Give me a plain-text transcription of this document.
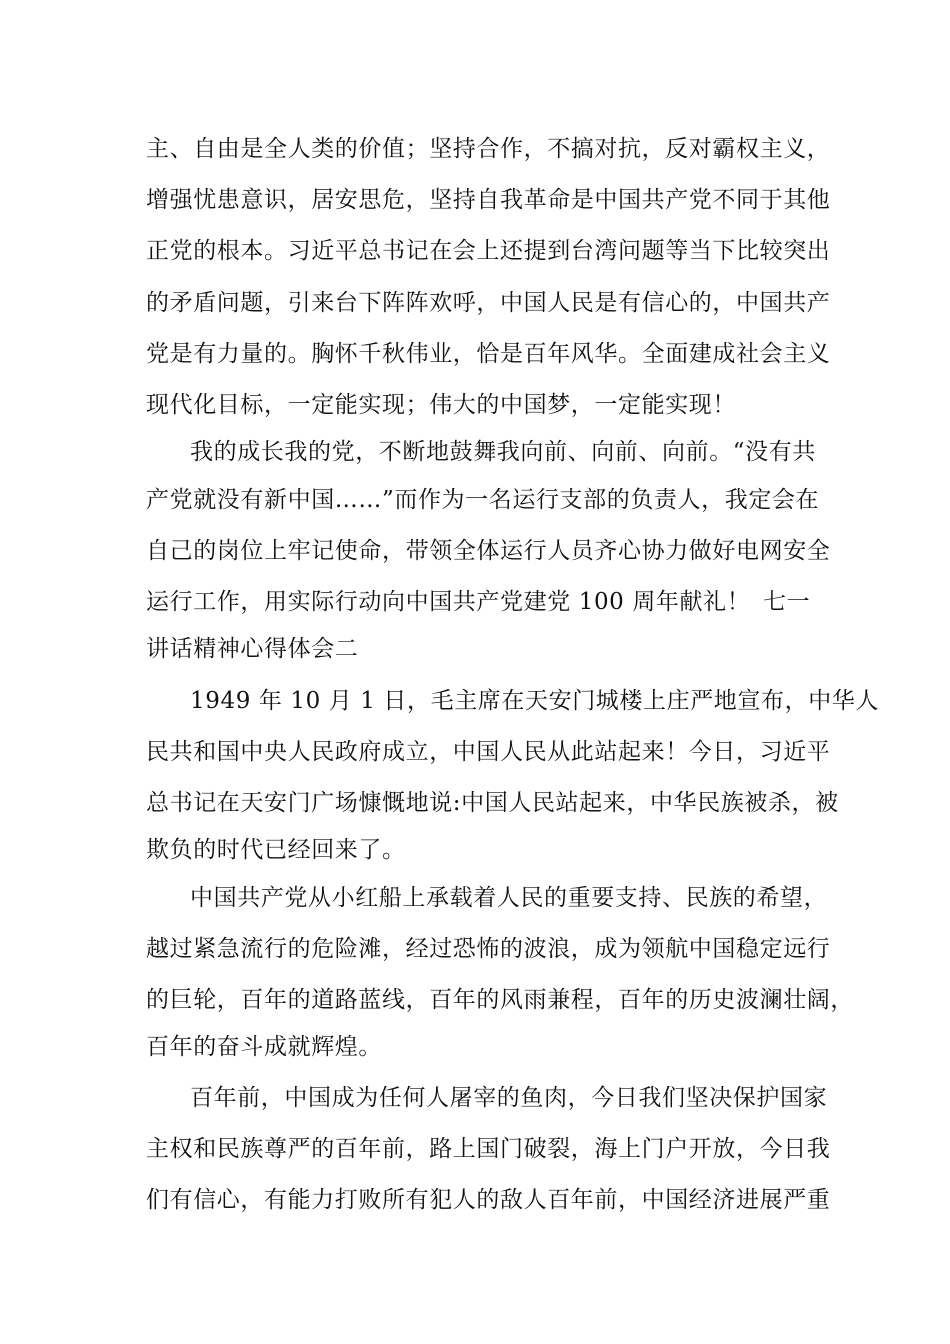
主、自由是全人类的价值；坚持合作，不搞对抗，反对霸权主义，
增强忧患意识，居安思危，坚持自我革命是中国共产党不同于其他
正党的根本。习近平总书记在会上还提到台湾问题等当下比较突出
的矛盾问题，引来台下阵阵欢呼，中国人民是有信心的，中国共产
党是有力量的。胸怀千秋伟业，恰是百年风华。全面建成社会主义
现代化目标，一定能实现；伟大的中国梦，一定能实现！
我的成长我的党，不断地鼓舞我向前、向前、向前。“没有共
产党就没有新中国……”而作为一名运行支部的负责人，我定会在
自己的岗位上牢记使命，带领全体运行人员齐心协力做好电网安全
运行工作，用实际行动向中国共产党建党 100 周年献礼！ 七一
讲话精神心得体会二
1949 年 10 月 1 日，毛主席在天安门城楼上庄严地宣布，中华人
民共和国中央人民政府成立，中国人民从此站起来！今日，习近平
总书记在天安门广场慷慨地说:中国人民站起来，中华民族被杀，被
欺负的时代已经回来了。
中国共产党从小红船上承载着人民的重要支持、民族的希望，
越过紧急流行的危险滩，经过恐怖的波浪，成为领航中国稳定远行
的巨轮，百年的道路蓝线，百年的风雨兼程，百年的历史波澜壮阔，
百年的奋斗成就辉煌。
百年前，中国成为任何人屠宰的鱼肉，今日我们坚决保护国家
主权和民族尊严的百年前，路上国门破裂，海上门户开放，今日我
们有信心，有能力打败所有犯人的敌人百年前，中国经济进展严重
